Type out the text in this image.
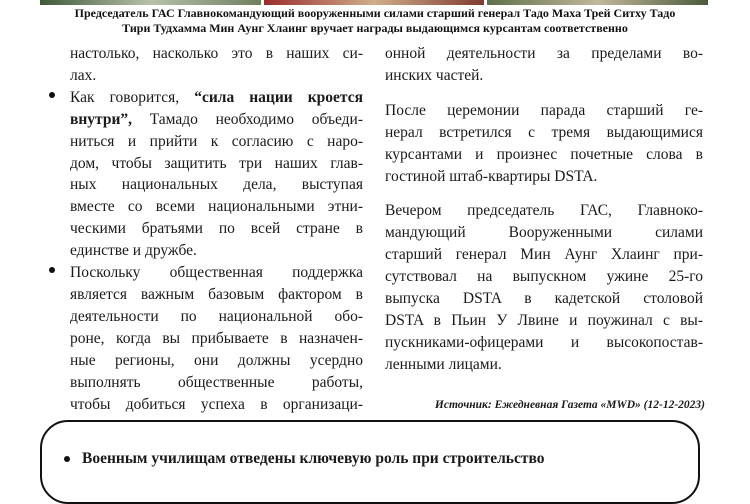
Председатель ГАС Главнокомандующий вооруженными силами старший генерал Тадо Маха Трей Ситху Тадо
Тири Тудхамма Мин Аунг Хлаинг вручает награды выдающимся курсантам соответственно
настолько, насколько это в наших си-
лах.
Как говорится, “сила нации кроется
внутри”, Тамадо необходимо объеди-
ниться и прийти к согласию с наро-
дом, чтобы защитить три наших глав-
ных национальных дела, выступая
вместе со всеми национальными этни-
ческими братьями по всей стране в
единстве и дружбе.
Поскольку общественная поддержка
является важным базовым фактором в
деятельности по национальной обо-
роне, когда вы прибываете в назначен-
ные регионы, они должны усердно
выполнять общественные работы,
чтобы добиться успеха в организаци-
онной деятельности за пределами во-
инских частей.
После церемонии парада старший ге-
нерал встретился с тремя выдающимися
курсантами и произнес почетные слова в
гостиной штаб-квартиры DSTA.
Вечером председатель ГАС, Главноко-
мандующий Вооруженными силами
старший генерал Мин Аунг Хлаинг при-
сутствовал на выпускном ужине 25-го
выпуска DSTA в кадетской столовой
DSTA в Пьин У Лвине и поужинал с вы-
пускниками-офицерами и высокопостав-
ленными лицами.
Источник: Ежедневная Газета «MWD» (12-12-2023)
Военным училищам отведены ключевую роль при строительство
